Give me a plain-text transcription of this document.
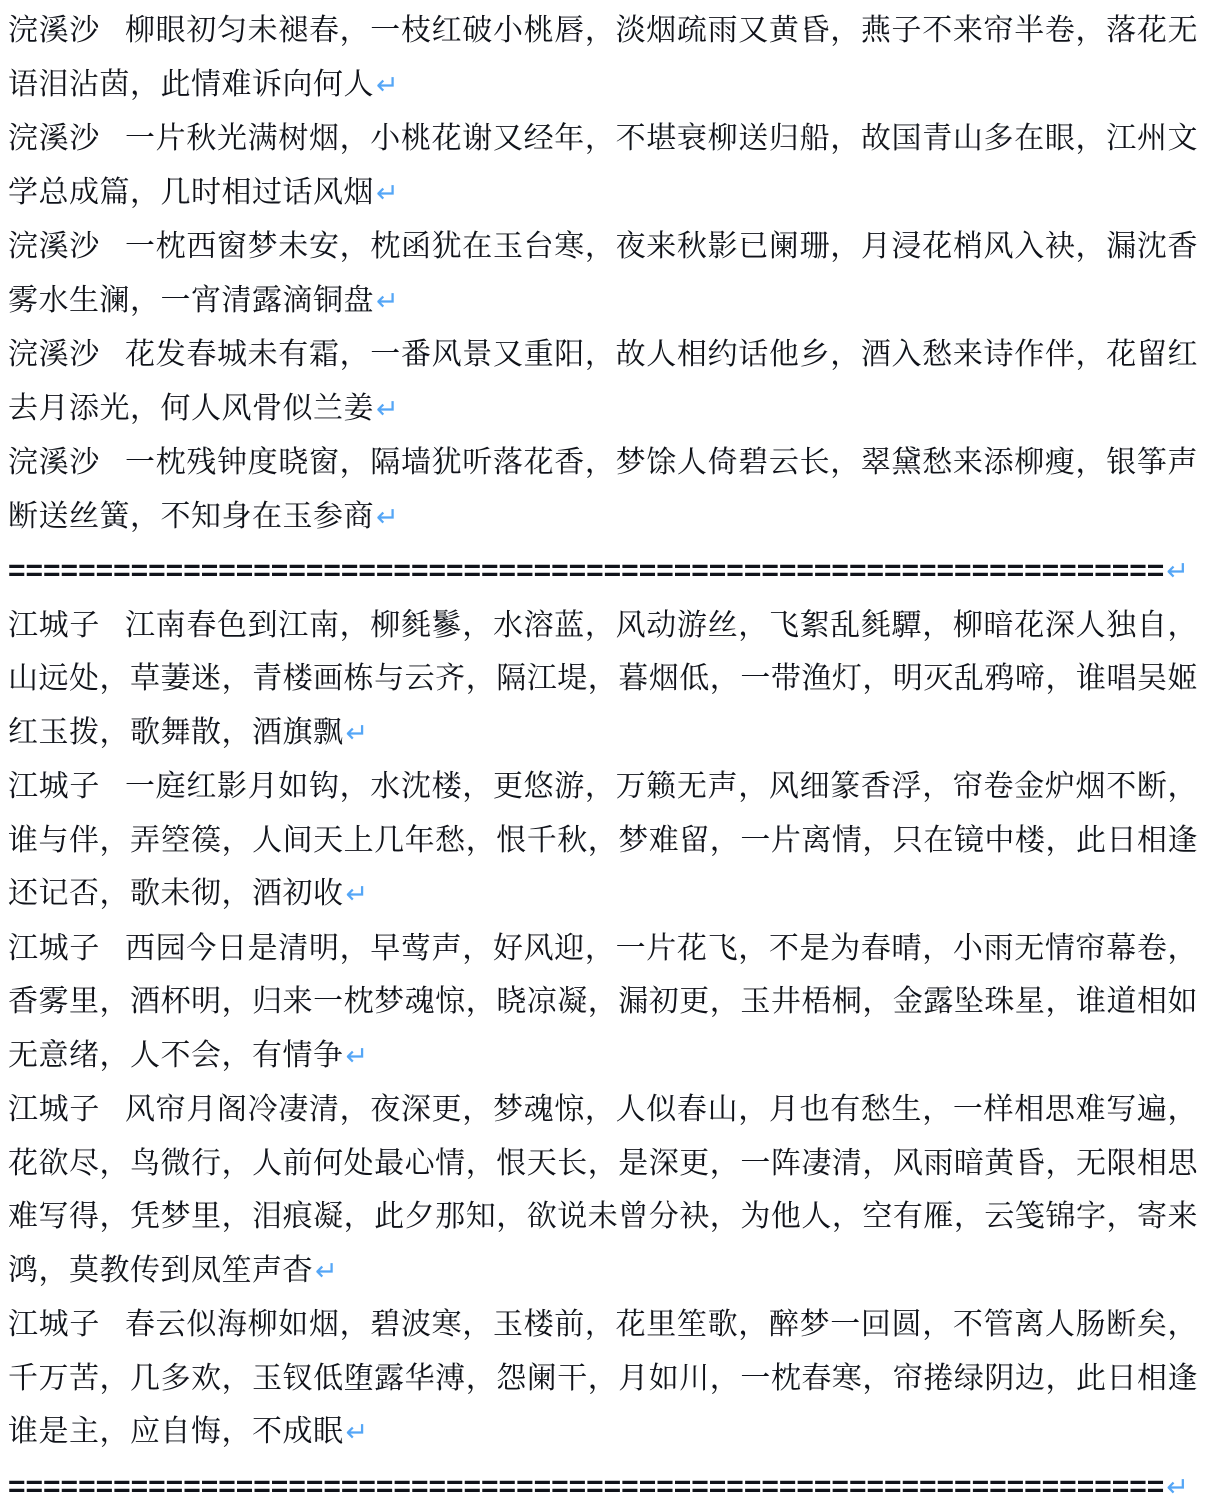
浣溪沙 柳眼初匀未褪春，一枝红破小桃唇，淡烟疏雨又黄昏，燕子不来帘半卷，落花无语泪沾茵，此情难诉向何人↵

浣溪沙 一片秋光满树烟，小桃花谢又经年，不堪衰柳送归船，故国青山多在眼，江州文学总成篇，几时相过话风烟↵

浣溪沙 一枕西窗梦未安，枕函犹在玉台寒，夜来秋影已阑珊，月浸花梢风入袂，漏沈香雾水生澜，一宵清露滴铜盘↵

浣溪沙 花发春城未有霜，一番风景又重阳，故人相约话他乡，酒入愁来诗作伴，花留红去月添光，何人风骨似兰姜↵

浣溪沙 一枕残钟度晓窗，隔墙犹听落花香，梦馀人倚碧云长，翠黛愁来添柳瘦，银筝声断送丝簧，不知身在玉参商↵

==================================================================↵

江城子 江南春色到江南，柳毵鬖，水溶蓝，风动游丝，飞絮乱毵驔，柳暗花深人独自，山远处，草萋迷，青楼画栋与云齐，隔江堤，暮烟低，一带渔灯，明灭乱鸦啼，谁唱吴姬红玉拨，歌舞散，酒旗飘↵

江城子 一庭红影月如钩，水沈楼，更悠游，万籁无声，风细篆香浮，帘卷金炉烟不断，谁与伴，弄箜篌，人间天上几年愁，恨千秋，梦难留，一片离情，只在镜中楼，此日相逢还记否，歌未彻，酒初收↵

江城子 西园今日是清明，早莺声，好风迎，一片花飞，不是为春晴，小雨无情帘幕卷，香雾里，酒杯明，归来一枕梦魂惊，晓凉凝，漏初更，玉井梧桐，金露坠珠星，谁道相如无意绪，人不会，有情争↵

江城子 风帘月阁冷凄清，夜深更，梦魂惊，人似春山，月也有愁生，一样相思难写遍，花欲尽，鸟微行，人前何处最心情，恨天长，是深更，一阵凄清，风雨暗黄昏，无限相思难写得，凭梦里，泪痕凝，此夕那知，欲说未曾分袂，为他人，空有雁，云笺锦字，寄来鸿，莫教传到凤笙声杳↵

江城子 春云似海柳如烟，碧波寒，玉楼前，花里笙歌，醉梦一回圆，不管离人肠断矣，千万苦，几多欢，玉钗低堕露华溥，怨阑干，月如川，一枕春寒，帘捲绿阴边，此日相逢谁是主，应自悔，不成眠↵

==================================================================↵
